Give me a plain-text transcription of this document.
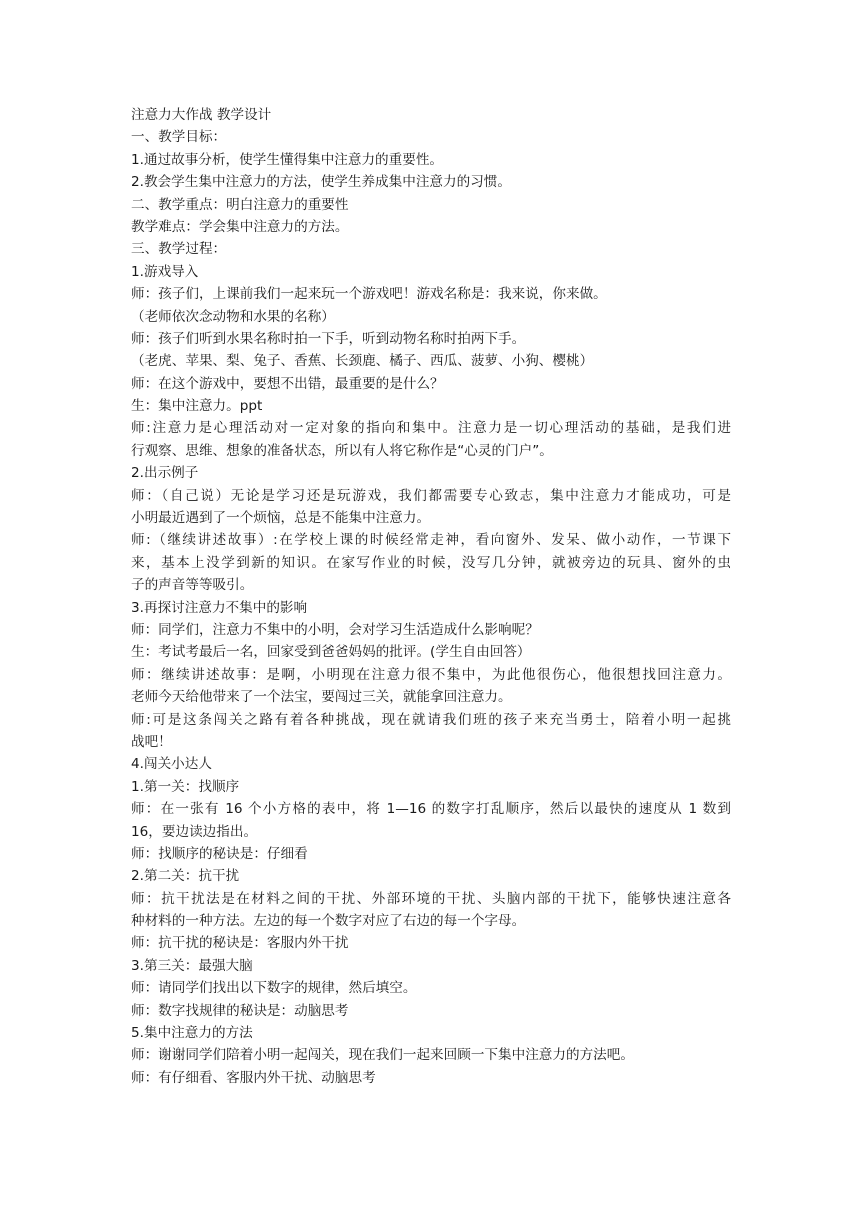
注意力大作战 教学设计
一、教学目标：
1.通过故事分析，使学生懂得集中注意力的重要性。
2.教会学生集中注意力的方法，使学生养成集中注意力的习惯。
二、教学重点：明白注意力的重要性
教学难点：学会集中注意力的方法。
三、教学过程：
1.游戏导入
师：孩子们，上课前我们一起来玩一个游戏吧！游戏名称是：我来说，你来做。
（老师依次念动物和水果的名称）
师：孩子们听到水果名称时拍一下手，听到动物名称时拍两下手。
（老虎、苹果、梨、兔子、香蕉、长颈鹿、橘子、西瓜、菠萝、小狗、樱桃）
师：在这个游戏中，要想不出错，最重要的是什么？
生：集中注意力。ppt
师:注意力是心理活动对一定对象的指向和集中。注意力是一切心理活动的基础，是我们进
行观察、思维、想象的准备状态，所以有人将它称作是“心灵的门户”。
2.出示例子
师：（自己说）无论是学习还是玩游戏，我们都需要专心致志，集中注意力才能成功，可是
小明最近遇到了一个烦恼，总是不能集中注意力。
师:（继续讲述故事）:在学校上课的时候经常走神，看向窗外、发呆、做小动作，一节课下
来，基本上没学到新的知识。在家写作业的时候，没写几分钟，就被旁边的玩具、窗外的虫
子的声音等等吸引。
3.再探讨注意力不集中的影响
师：同学们，注意力不集中的小明，会对学习生活造成什么影响呢？
生：考试考最后一名，回家受到爸爸妈妈的批评。(学生自由回答）
师：继续讲述故事：是啊，小明现在注意力很不集中，为此他很伤心，他很想找回注意力。
老师今天给他带来了一个法宝，要闯过三关，就能拿回注意力。
师:可是这条闯关之路有着各种挑战，现在就请我们班的孩子来充当勇士，陪着小明一起挑
战吧！
4.闯关小达人
1.第一关：找顺序
师：在一张有 16 个小方格的表中，将 1—16 的数字打乱顺序，然后以最快的速度从 1 数到
16，要边读边指出。
师：找顺序的秘诀是：仔细看
2.第二关：抗干扰
师：抗干扰法是在材料之间的干扰、外部环境的干扰、头脑内部的干扰下，能够快速注意各
种材料的一种方法。左边的每一个数字对应了右边的每一个字母。
师：抗干扰的秘诀是：客服内外干扰
3.第三关：最强大脑
师：请同学们找出以下数字的规律，然后填空。
师：数字找规律的秘诀是：动脑思考
5.集中注意力的方法
师：谢谢同学们陪着小明一起闯关，现在我们一起来回顾一下集中注意力的方法吧。
师：有仔细看、客服内外干扰、动脑思考
